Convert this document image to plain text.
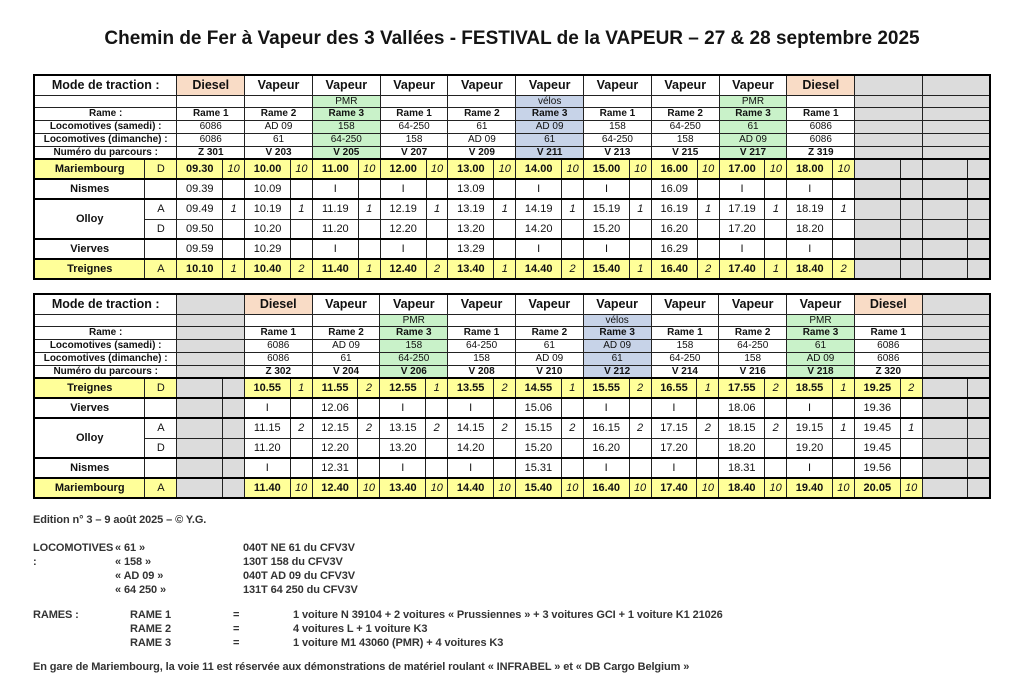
Chemin de Fer à Vapeur des 3 Vallées - FESTIVAL de la VAPEUR – 27 & 28 septembre 2025
Mode de traction :		Diesel		Vapeur		Vapeur		Vapeur		Vapeur		Vapeur		Vapeur		Vapeur		Vapeur		Diesel					
						PMR						vélos						PMR							
Rame :		Rame 1		Rame 2		Rame 3		Rame 1		Rame 2		Rame 3		Rame 1		Rame 2		Rame 3		Rame 1					
Locomotives (samedi) :		6086		AD 09		158		64-250		61		AD 09		158		64-250		61		6086					
Locomotives (dimanche) :		6086		61		64-250		158		AD 09		61		64-250		158		AD 09		6086					
Numéro du parcours :		Z 301		V 203		V 205		V 207		V 209		V 211		V 213		V 215		V 217		Z 319					
Mariembourg	D	09.30	10	10.00	10	11.00	10	12.00	10	13.00	10	14.00	10	15.00	10	16.00	10	17.00	10	18.00	10				
Nismes		09.39		10.09		I		I		13.09		I		I		16.09		I		I					
Olloy	A	09.49	1	10.19	1	11.19	1	12.19	1	13.19	1	14.19	1	15.19	1	16.19	1	17.19	1	18.19	1				
	D	09.50		10.20		11.20		12.20		13.20		14.20		15.20		16.20		17.20		18.20					
Vierves		09.59		10.29		I		I		13.29		I		I		16.29		I		I					
Treignes	A	10.10	1	10.40	2	11.40	1	12.40	2	13.40	1	14.40	2	15.40	1	16.40	2	17.40	1	18.40	2				
Mode de traction :				Diesel		Vapeur		Vapeur		Vapeur		Vapeur		Vapeur		Vapeur		Vapeur		Vapeur		Diesel			
								PMR						vélos						PMR					
Rame :				Rame 1		Rame 2		Rame 3		Rame 1		Rame 2		Rame 3		Rame 1		Rame 2		Rame 3		Rame 1			
Locomotives (samedi) :				6086		AD 09		158		64-250		61		AD 09		158		64-250		61		6086			
Locomotives (dimanche) :				6086		61		64-250		158		AD 09		61		64-250		158		AD 09		6086			
Numéro du parcours :				Z 302		V 204		V 206		V 208		V 210		V 212		V 214		V 216		V 218		Z 320			
Treignes	D			10.55	1	11.55	2	12.55	1	13.55	2	14.55	1	15.55	2	16.55	1	17.55	2	18.55	1	19.25	2		
Vierves				I		12.06		I		I		15.06		I		I		18.06		I		19.36			
Olloy	A			11.15	2	12.15	2	13.15	2	14.15	2	15.15	2	16.15	2	17.15	2	18.15	2	19.15	1	19.45	1		
	D			11.20		12.20		13.20		14.20		15.20		16.20		17.20		18.20		19.20		19.45			
Nismes				I		12.31		I		I		15.31		I		I		18.31		I		19.56			
Mariembourg	A			11.40	10	12.40	10	13.40	10	14.40	10	15.40	10	16.40	10	17.40	10	18.40	10	19.40	10	20.05	10		
Edition n° 3 – 9 août 2025 – © Y.G.
LOCOMOTIVES :
« 61 »	040T NE 61 du CFV3V
« 158 »	130T 158 du CFV3V
« AD 09 »	040T AD 09 du CFV3V
« 64 250 »	131T 64 250 du CFV3V
RAMES :	RAME 1	=	1 voiture N 39104 + 2 voitures « Prussiennes » + 3 voitures GCI + 1 voiture K1 21026
RAME 2	=	4 voitures L + 1 voiture K3
RAME 3	=	1 voiture M1 43060 (PMR) + 4 voitures K3
En gare de Mariembourg, la voie 11 est réservée aux démonstrations de matériel roulant « INFRABEL » et « DB Cargo Belgium »
